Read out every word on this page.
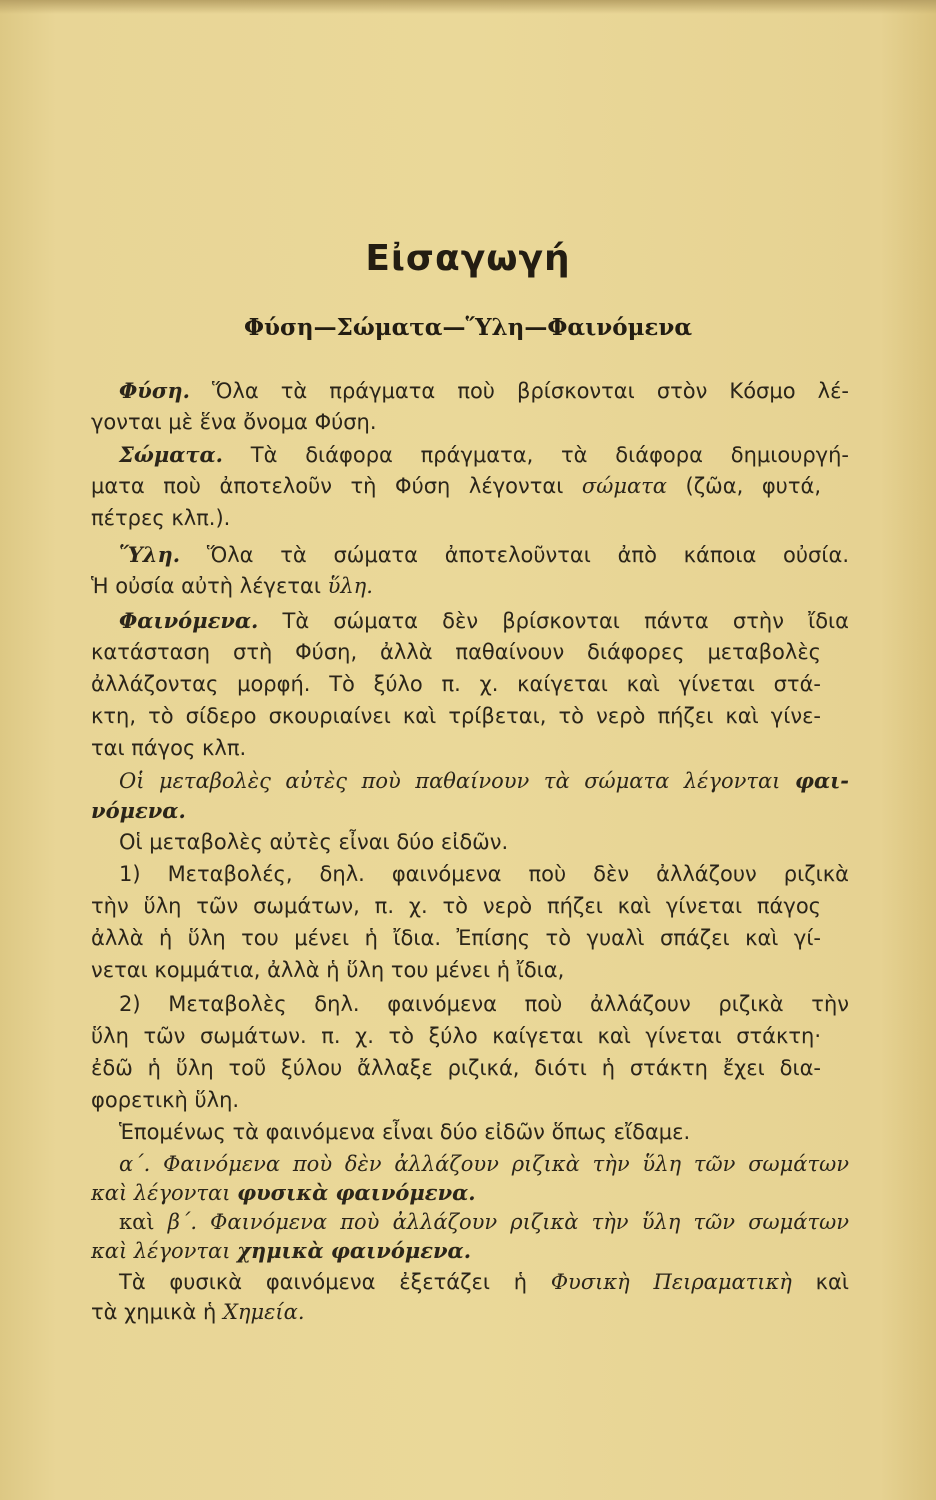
Εἰσαγωγή
Φύση—Σώματα—Ὕλη—Φαινόμενα
Φύση. Ὅλα τὰ πράγματα ποὺ βρίσκονται στὸν Κόσμο λέ-
γονται μὲ ἕνα ὄνομα Φύση.
Σώματα. Τὰ διάφορα πράγματα, τὰ διάφορα δημιουργή-
ματα ποὺ ἀποτελοῦν τὴ Φύση λέγονται σώματα (ζῶα, φυτά,
πέτρες κλπ.).
Ὕλη. Ὅλα τὰ σώματα ἀποτελοῦνται ἀπὸ κάποια οὐσία.
Ἡ οὐσία αὐτὴ λέγεται ὕλη.
Φαινόμενα. Τὰ σώματα δὲν βρίσκονται πάντα στὴν ἴδια
κατάσταση στὴ Φύση, ἀλλὰ παθαίνουν διάφορες μεταβολὲς
ἀλλάζοντας μορφή. Τὸ ξύλο π. χ. καίγεται καὶ γίνεται στά-
κτη, τὸ σίδερο σκουριαίνει καὶ τρίβεται, τὸ νερὸ πήζει καὶ γίνε-
ται πάγος κλπ.
Οἱ μεταβολὲς αὐτὲς ποὺ παθαίνουν τὰ σώματα λέγονται φαι-
νόμενα.
Οἱ μεταβολὲς αὐτὲς εἶναι δύο εἰδῶν.
1) Μεταβολές, δηλ. φαινόμενα ποὺ δὲν ἀλλάζουν ριζικὰ
τὴν ὕλη τῶν σωμάτων, π. χ. τὸ νερὸ πήζει καὶ γίνεται πάγος
ἀλλὰ ἡ ὕλη του μένει ἡ ἴδια. Ἐπίσης τὸ γυαλὶ σπάζει καὶ γί-
νεται κομμάτια, ἀλλὰ ἡ ὕλη του μένει ἡ ἴδια,
2) Μεταβολὲς δηλ. φαινόμενα ποὺ ἀλλάζουν ριζικὰ τὴν
ὕλη τῶν σωμάτων. π. χ. τὸ ξύλο καίγεται καὶ γίνεται στάκτη·
ἐδῶ ἡ ὕλη τοῦ ξύλου ἄλλαξε ριζικά, διότι ἡ στάκτη ἔχει δια-
φορετικὴ ὕλη.
Ἑπομένως τὰ φαινόμενα εἶναι δύο εἰδῶν ὅπως εἴδαμε.
α΄. Φαινόμενα ποὺ δὲν ἀλλάζουν ριζικὰ τὴν ὕλη τῶν σωμάτων
καὶ λέγονται φυσικὰ φαινόμενα.
καὶ β΄. Φαινόμενα ποὺ ἀλλάζουν ριζικὰ τὴν ὕλη τῶν σωμάτων
καὶ λέγονται χημικὰ φαινόμενα.
Τὰ φυσικὰ φαινόμενα ἐξετάζει ἡ Φυσικὴ Πειραματικὴ καὶ
τὰ χημικὰ ἡ Χημεία.
